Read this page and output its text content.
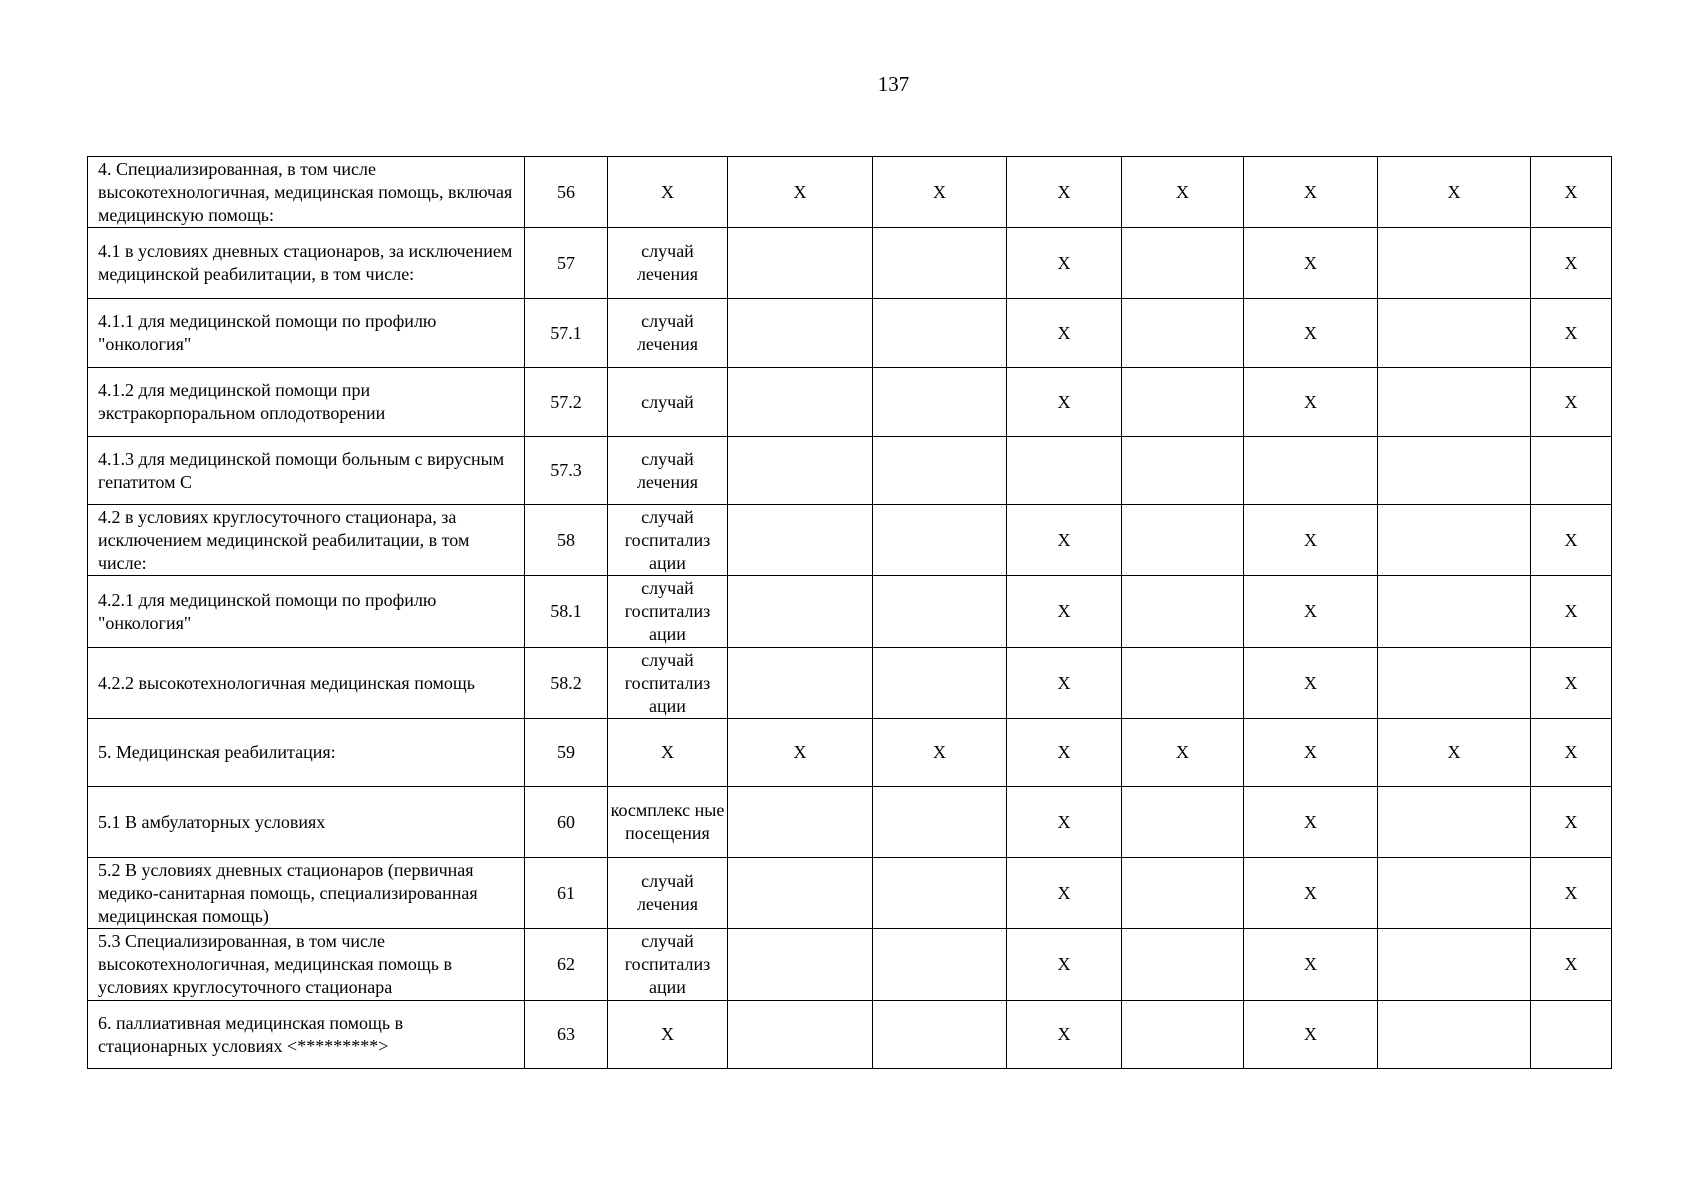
137
4. Специализированная, в том числе высокотехнологичная, медицинская помощь, включая медицинскую помощь:	56	X	X	X	X	X	X	X	X
4.1 в условиях дневных стационаров, за исключением медицинской реабилитации, в том числе:	57	случай лечения			X		X		X
4.1.1 для медицинской помощи по профилю "онкология"	57.1	случай лечения			X		X		X
4.1.2 для медицинской помощи при экстракорпоральном оплодотворении	57.2	случай			X		X		X
4.1.3 для медицинской помощи больным с вирусным гепатитом С	57.3	случай лечения							
4.2 в условиях круглосуточного стационара, за исключением медицинской реабилитации, в том числе:	58	случай госпитализ ации			X		X		X
4.2.1 для медицинской помощи по профилю "онкология"	58.1	случай госпитализ ации			X		X		X
4.2.2 высокотехнологичная медицинская помощь	58.2	случай госпитализ ации			X		X		X
5. Медицинская реабилитация:	59	X	X	X	X	X	X	X	X
5.1 В амбулаторных условиях	60	космплекс ные посещения			X		X		X
5.2 В условиях дневных стационаров (первичная медико-санитарная помощь, специализированная медицинская помощь)	61	случай лечения			X		X		X
5.3 Специализированная, в том числе высокотехнологичная, медицинская помощь в условиях круглосуточного стационара	62	случай госпитализ ации			X		X		X
6. паллиативная медицинская помощь в стационарных условиях <*********>	63	X			X		X		
